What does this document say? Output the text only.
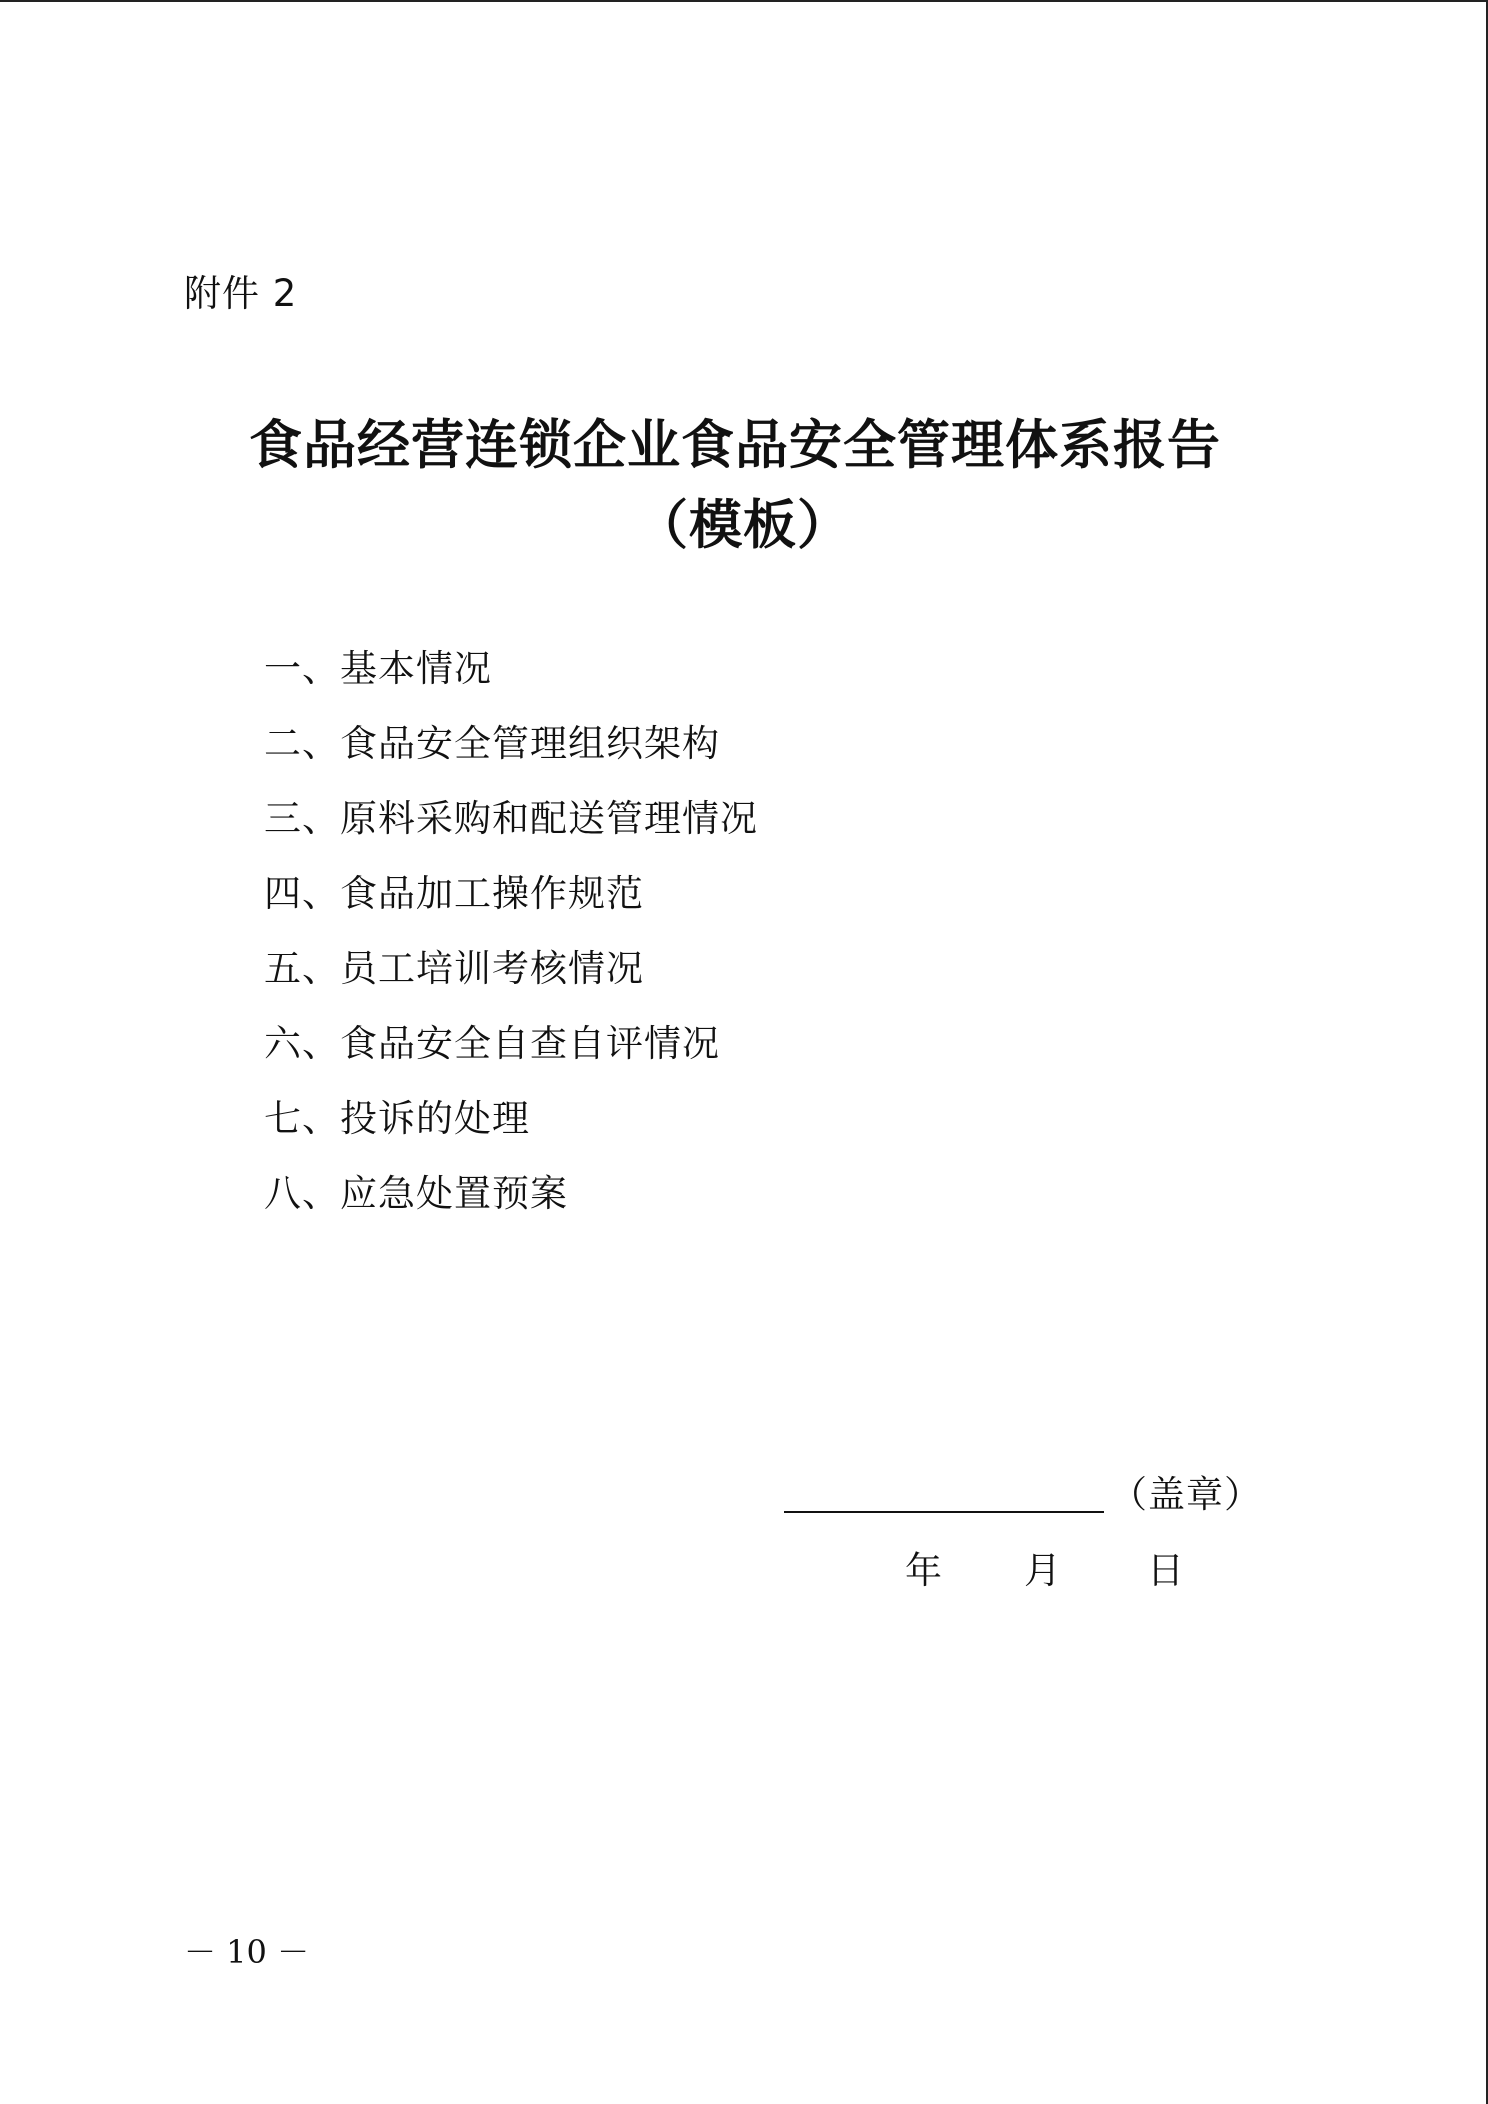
附件 2
食品经营连锁企业食品安全管理体系报告
（模板）
一、基本情况
二、食品安全管理组织架构
三、原料采购和配送管理情况
四、食品加工操作规范
五、员工培训考核情况
六、食品安全自查自评情况
七、投诉的处理
八、应急处置预案
（盖章）
年 月 日
－ 10 －
